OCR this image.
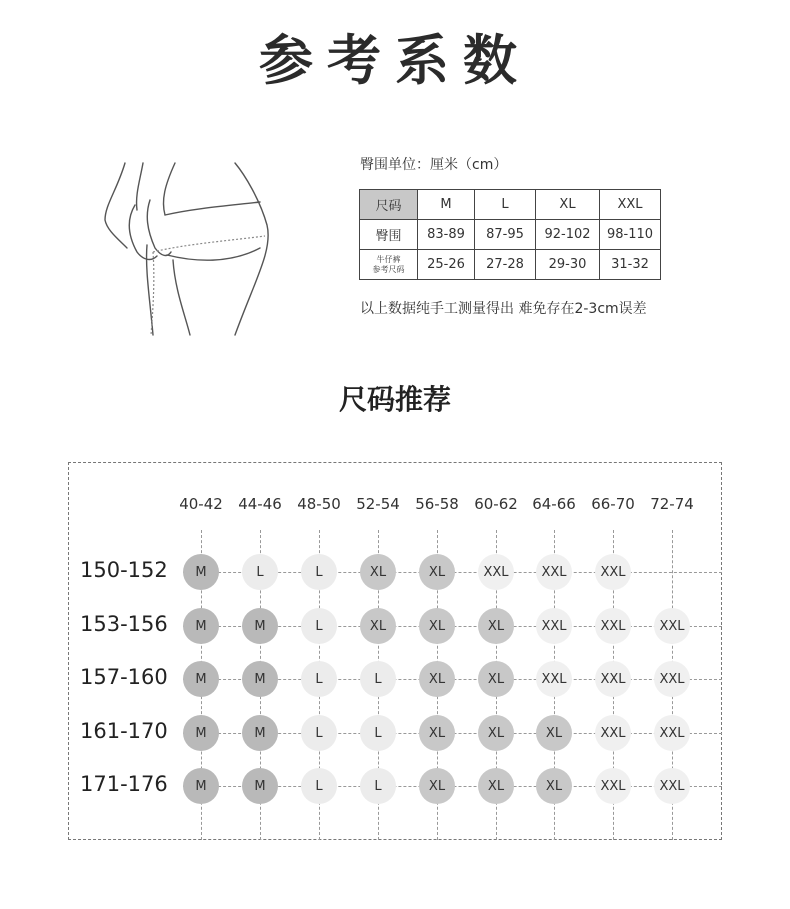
参考系数
臀围单位：厘米（cm）
尺码	M	L	XL	XXL
臀围	83-89	87-95	92-102	98-110

牛仔裤
参考尺码	25-26	27-28	29-30	31-32
以上数据纯手工测量得出 难免存在2-3cm误差
尺码推荐
40-42	44-46	48-50	52-54	56-58	60-62 64-66	66-70	72-74
150-152	M	L	L	XL	XL	XXL	XXL	XXL
153-156	M	M	L	XL	XL	XL	XXL	XXL	XXL
157-160	M	M	L	L	XL	XL	XXL	XXL	XXL
161-170	M	M	L	L	XL	XL	XL	XXL	XXL
171-176	M	M	L	L	XL	XL	XL	XXL	XXL
